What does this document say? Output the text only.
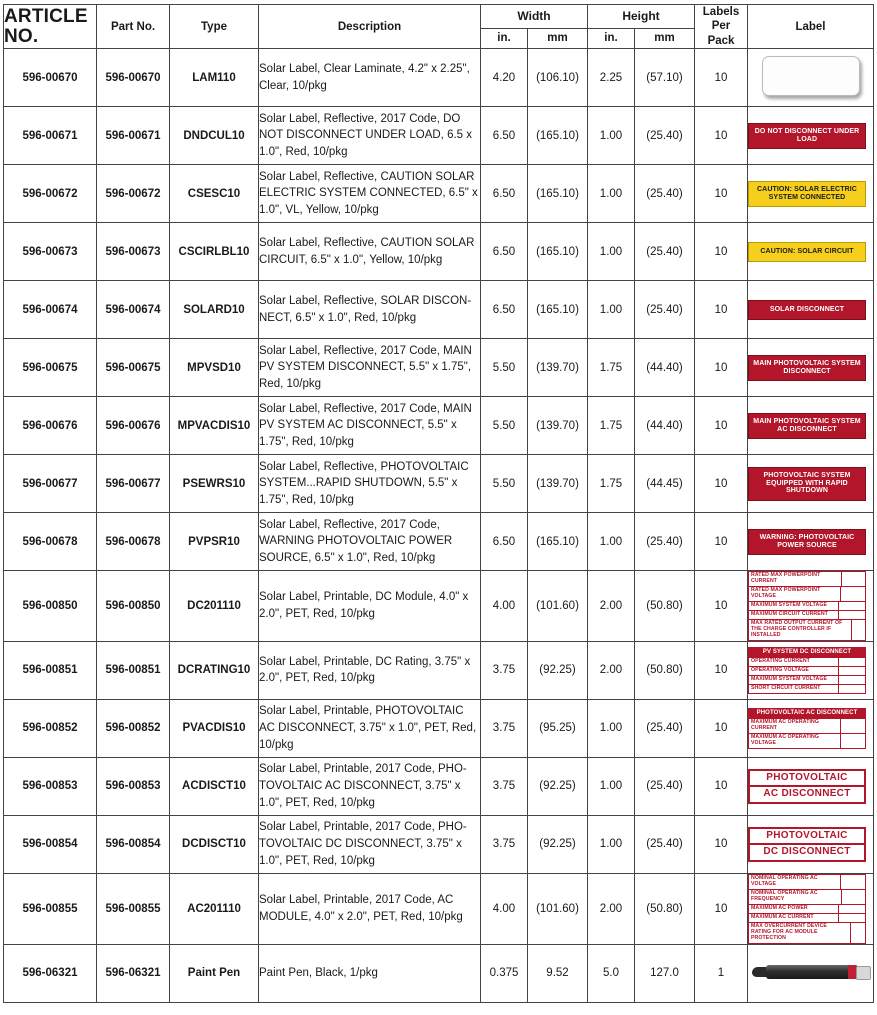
ARTICLE NO.	Part No.	Type	Description	Width		Height		Labels
Per
Pack	Label
				in.	mm	in.	mm		
596-00670	596-00670	LAM110	Solar Label, Clear Laminate, 4.2" x 2.25", Clear, 10/pkg	4.20	(106.10)	2.25	(57.10)	10	
596-00671	596-00671	DNDCUL10	Solar Label, Reflective, 2017 Code, DO NOT DISCONNECT UNDER LOAD, 6.5 x 1.0", Red, 10/pkg	6.50	(165.10)	1.00	(25.40)	10	DO NOT DISCONNECT UNDER LOAD

596-00672	596-00672	CSESC10	Solar Label, Reflective, CAUTION SOLAR ELECTRIC SYSTEM CONNECTED, 6.5" x 1.0", VL, Yellow, 10/pkg	6.50	(165.10)	1.00	(25.40)	10	CAUTION: SOLAR ELECTRIC SYSTEM CONNECTED

596-00673	596-00673	CSCIRLBL10	Solar Label, Reflective, CAUTION SOLAR CIRCUIT, 6.5" x 1.0", Yellow, 10/pkg	6.50	(165.10)	1.00	(25.40)	10	CAUTION: SOLAR CIRCUIT

596-00674	596-00674	SOLARD10	Solar Label, Reflective, SOLAR DISCON-NECT, 6.5" x 1.0", Red, 10/pkg	6.50	(165.10)	1.00	(25.40)	10	SOLAR DISCONNECT

596-00675	596-00675	MPVSD10	Solar Label, Reflective, 2017 Code, MAIN PV SYSTEM DISCONNECT, 5.5" x 1.75", Red, 10/pkg	5.50	(139.70)	1.75	(44.40)	10	MAIN PHOTOVOLTAIC SYSTEM DISCONNECT

596-00676	596-00676	MPVACDIS10	Solar Label, Reflective, 2017 Code, MAIN PV SYSTEM AC DISCONNECT, 5.5" x 1.75", Red, 10/pkg	5.50	(139.70)	1.75	(44.40)	10	MAIN PHOTOVOLTAIC SYSTEM AC DISCONNECT

596-00677	596-00677	PSEWRS10	Solar Label, Reflective, PHOTOVOLTAIC SYSTEM...RAPID SHUTDOWN, 5.5" x 1.75", Red, 10/pkg	5.50	(139.70)	1.75	(44.45)	10	PHOTOVOLTAIC SYSTEM EQUIPPED WITH RAPID SHUTDOWN

596-00678	596-00678	PVPSR10	Solar Label, Reflective, 2017 Code, WARNING PHOTOVOLTAIC POWER SOURCE, 6.5" x 1.0", Red, 10/pkg	6.50	(165.10)	1.00	(25.40)	10	WARNING: PHOTOVOLTAIC POWER SOURCE

596-00850	596-00850	DC201110	Solar Label, Printable, DC Module, 4.0" x 2.0", PET, Red, 10/pkg	4.00	(101.60)	2.00	(50.80)	10	RATED MAX POWERPOINT CURRENT
RATED MAX POWERPOINT VOLTAGE
MAXIMUM SYSTEM VOLTAGE
MAXIMUM CIRCUIT CURRENT
MAX RATED OUTPUT CURRENT OF THE CHARGE CONTROLLER IF INSTALLED

596-00851	596-00851	DCRATING10	Solar Label, Printable, DC Rating, 3.75" x 2.0", PET, Red, 10/pkg	3.75	(92.25)	2.00	(50.80)	10	PV SYSTEM DC DISCONNECT
OPERATING CURRENT
OPERATING VOLTAGE
MAXIMUM SYSTEM VOLTAGE
SHORT CIRCUIT CURRENT

596-00852	596-00852	PVACDIS10	Solar Label, Printable, PHOTOVOLTAIC AC DISCONNECT, 3.75" x 1.0", PET, Red, 10/pkg	3.75	(95.25)	1.00	(25.40)	10	PHOTOVOLTAIC AC DISCONNECT
MAXIMUM AC OPERATING CURRENT
MAXIMUM AC OPERATING VOLTAGE

596-00853	596-00853	ACDISCT10	Solar Label, Printable, 2017 Code, PHO-TOVOLTAIC AC DISCONNECT, 3.75" x 1.0", PET, Red, 10/pkg	3.75	(92.25)	1.00	(25.40)	10	PHOTOVOLTAIC
AC DISCONNECT

596-00854	596-00854	DCDISCT10	Solar Label, Printable, 2017 Code, PHO-TOVOLTAIC DC DISCONNECT, 3.75" x 1.0", PET, Red, 10/pkg	3.75	(92.25)	1.00	(25.40)	10	PHOTOVOLTAIC
DC DISCONNECT

596-00855	596-00855	AC201110	Solar Label, Printable, 2017 Code, AC MODULE, 4.0" x 2.0", PET, Red, 10/pkg	4.00	(101.60)	2.00	(50.80)	10	NOMINAL OPERATING AC VOLTAGE
NOMINAL OPERATING AC FREQUENCY
MAXIMUM AC POWER
MAXIMUM AC CURRENT
MAX OVERCURRENT DEVICE RATING FOR AC MODULE PROTECTION

596-06321	596-06321	Paint Pen	Paint Pen, Black, 1/pkg	0.375	9.52	5.0	127.0	1	
